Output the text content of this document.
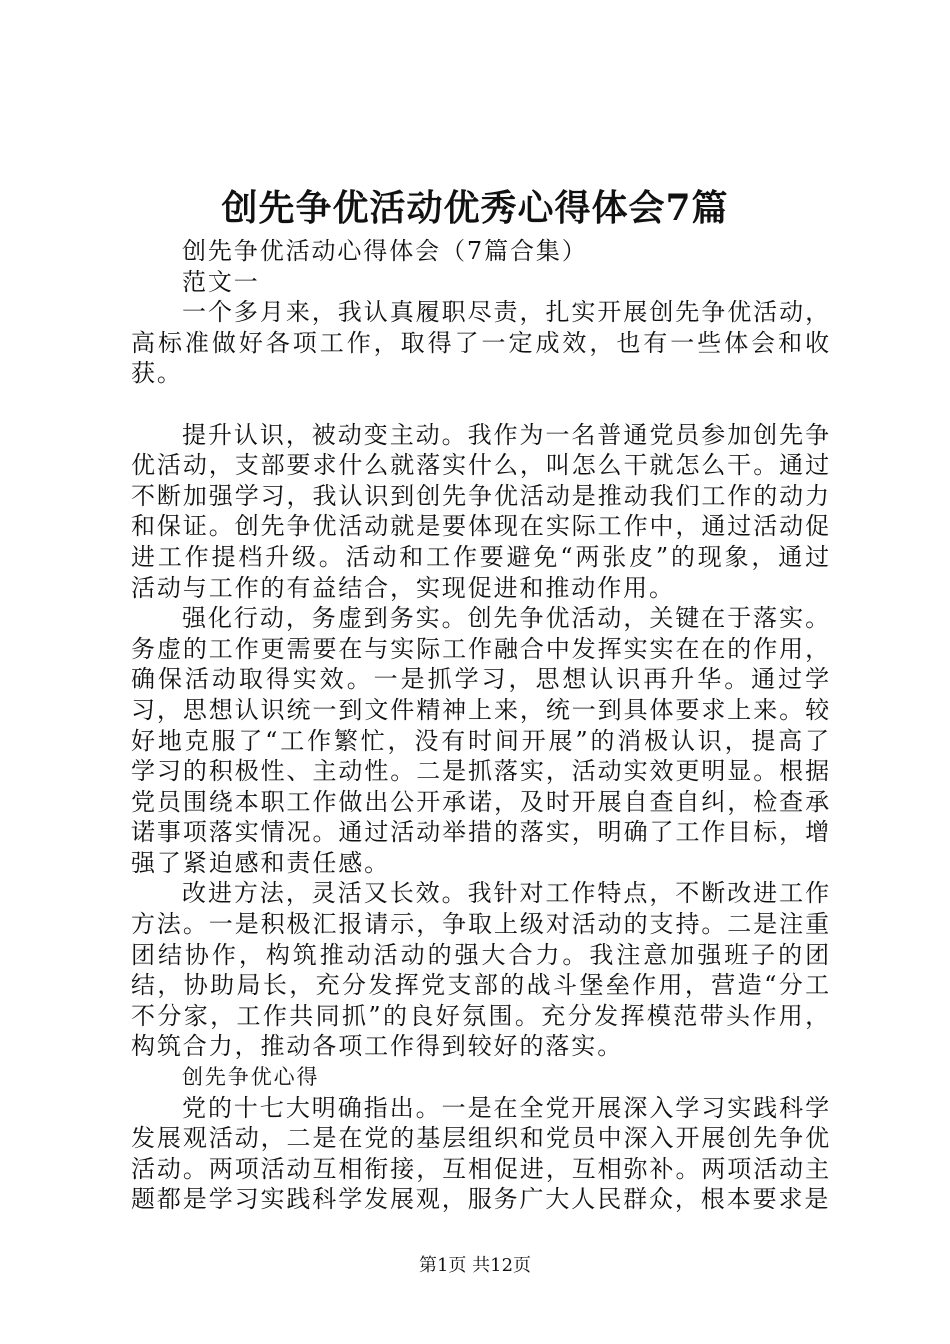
创先争优活动优秀心得体会7篇

创先争优活动心得体会（7篇合集）

范文一

一个多月来，我认真履职尽责，扎实开展创先争优活动，高标准做好各项工作，取得了一定成效，也有一些体会和收获。

提升认识，被动变主动。我作为一名普通党员参加创先争优活动，支部要求什么就落实什么，叫怎么干就怎么干。通过不断加强学习，我认识到创先争优活动是推动我们工作的动力和保证。创先争优活动就是要体现在实际工作中，通过活动促进工作提档升级。活动和工作要避免“两张皮”的现象，通过活动与工作的有益结合，实现促进和推动作用。

强化行动，务虚到务实。创先争优活动，关键在于落实。务虚的工作更需要在与实际工作融合中发挥实实在在的作用，确保活动取得实效。一是抓学习，思想认识再升华。通过学习，思想认识统一到文件精神上来，统一到具体要求上来。较好地克服了“工作繁忙，没有时间开展”的消极认识，提高了学习的积极性、主动性。二是抓落实，活动实效更明显。根据党员围绕本职工作做出公开承诺，及时开展自查自纠，检查承诺事项落实情况。通过活动举措的落实，明确了工作目标，增强了紧迫感和责任感。

改进方法，灵活又长效。我针对工作特点，不断改进工作方法。一是积极汇报请示，争取上级对活动的支持。二是注重团结协作，构筑推动活动的强大合力。我注意加强班子的团结，协助局长，充分发挥党支部的战斗堡垒作用，营造“分工不分家，工作共同抓”的良好氛围。充分发挥模范带头作用，构筑合力，推动各项工作得到较好的落实。

创先争优心得

党的十七大明确指出。一是在全党开展深入学习实践科学发展观活动，二是在党的基层组织和党员中深入开展创先争优活动。两项活动互相衔接，互相促进，互相弥补。两项活动主题都是学习实践科学发展观，服务广大人民群众，根本要求是

第1页 共12页
